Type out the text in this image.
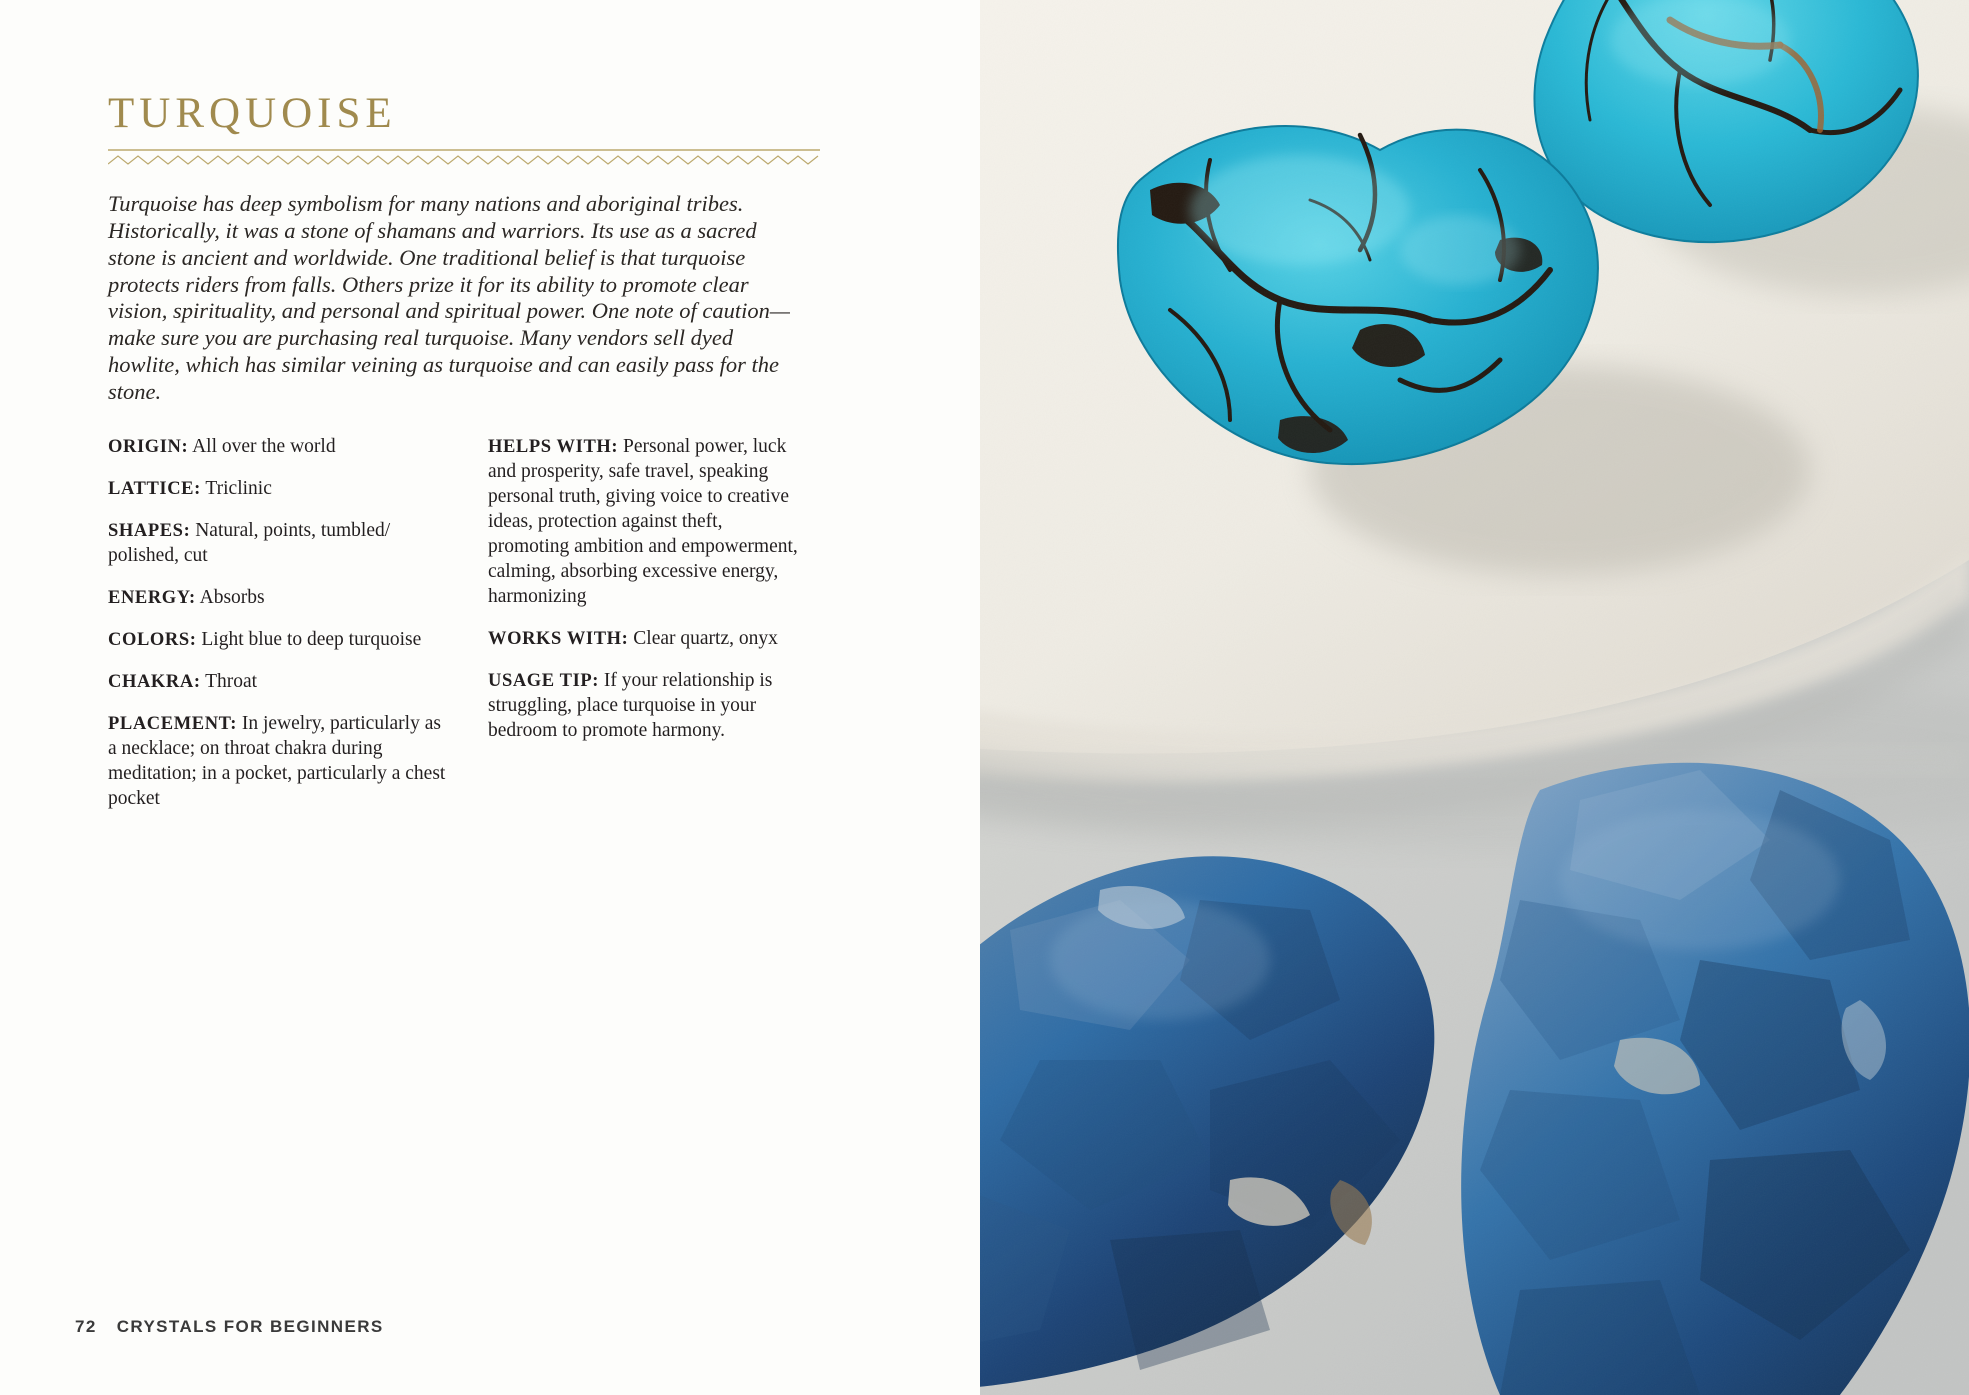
TURQUOISE

Turquoise has deep symbolism for many nations and aboriginal tribes. Historically, it was a stone of shamans and warriors. Its use as a sacred stone is ancient and worldwide. One traditional belief is that turquoise protects riders from falls. Others prize it for its ability to promote clear vision, spirituality, and personal and spiritual power. One note of caution—make sure you are purchasing real turquoise. Many vendors sell dyed howlite, which has similar veining as turquoise and can easily pass for the stone.

ORIGIN: All over the world
LATTICE: Triclinic
SHAPES: Natural, points, tumbled/ polished, cut
ENERGY: Absorbs
COLORS: Light blue to deep turquoise
CHAKRA: Throat
PLACEMENT: In jewelry, particularly as a necklace; on throat chakra during meditation; in a pocket, particularly a chest pocket
HELPS WITH: Personal power, luck and prosperity, safe travel, speaking personal truth, giving voice to creative ideas, protection against theft, promoting ambition and empowerment, calming, absorbing excessive energy, harmonizing
WORKS WITH: Clear quartz, onyx
USAGE TIP: If your relationship is struggling, place turquoise in your bedroom to promote harmony.
72 CRYSTALS FOR BEGINNERS
